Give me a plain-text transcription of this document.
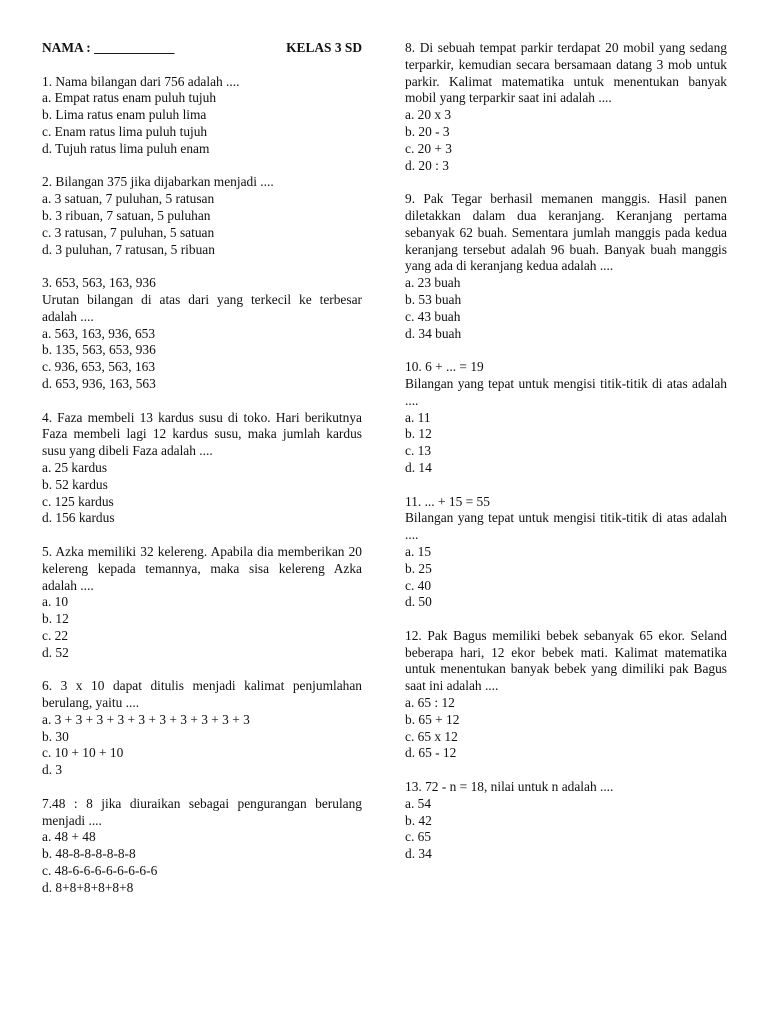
NAMA : ____________	KELAS 3 SD
1. Nama bilangan dari 756 adalah ....
a. Empat ratus enam puluh tujuh
b. Lima ratus enam puluh lima
c. Enam ratus lima puluh tujuh
d. Tujuh ratus lima puluh enam
2. Bilangan 375 jika dijabarkan menjadi ....
a. 3 satuan, 7 puluhan, 5 ratusan
b. 3 ribuan, 7 satuan, 5 puluhan
c. 3 ratusan, 7 puluhan, 5 satuan
d. 3 puluhan, 7 ratusan, 5 ribuan
3. 653, 563, 163, 936
Urutan bilangan di atas dari yang terkecil ke terbesar adalah ....
a. 563, 163, 936, 653
b. 135, 563, 653, 936
c. 936, 653, 563, 163
d. 653, 936, 163, 563
4. Faza membeli 13 kardus susu di toko. Hari berikutnya Faza membeli lagi 12 kardus susu, maka jumlah kardus susu yang dibeli Faza adalah ....
a. 25 kardus
b. 52 kardus
c. 125 kardus
d. 156 kardus
5. Azka memiliki 32 kelereng. Apabila dia memberikan 20 kelereng kepada temannya, maka sisa kelereng Azka adalah ....
a. 10
b. 12
c. 22
d. 52
6. 3 x 10 dapat ditulis menjadi kalimat penjumlahan berulang, yaitu ....
a. 3 + 3 + 3 + 3 + 3 + 3 + 3 + 3 + 3 + 3
b. 30
c. 10 + 10 + 10
d. 3
7.48 : 8 jika diuraikan sebagai pengurangan berulang menjadi ....
a. 48 + 48
b. 48-8-8-8-8-8-8
c. 48-6-6-6-6-6-6-6-6
d. 8+8+8+8+8+8
8. Di sebuah tempat parkir terdapat 20 mobil yang sedang terparkir, kemudian secara bersamaan datang 3 mob untuk parkir. Kalimat matematika untuk menentukan banyak mobil yang terparkir saat ini adalah ....
a. 20 x 3
b. 20 - 3
c. 20 + 3
d. 20 : 3
9. Pak Tegar berhasil memanen manggis. Hasil panen diletakkan dalam dua keranjang. Keranjang pertama sebanyak 62 buah. Sementara jumlah manggis pada kedua keranjang tersebut adalah 96 buah. Banyak buah manggis yang ada di keranjang kedua adalah ....
a. 23 buah
b. 53 buah
c. 43 buah
d. 34 buah
10. 6 + ... = 19
Bilangan yang tepat untuk mengisi titik-titik di atas adalah ....
a. 11
b. 12
c. 13
d. 14
11. ... + 15 = 55
Bilangan yang tepat untuk mengisi titik-titik di atas adalah ....
a. 15
b. 25
c. 40
d. 50
12. Pak Bagus memiliki bebek sebanyak 65 ekor. Seland beberapa hari, 12 ekor bebek mati. Kalimat matematika untuk menentukan banyak bebek yang dimiliki pak Bagus saat ini adalah ....
a. 65 : 12
b. 65 + 12
c. 65 x 12
d. 65 - 12
13. 72 - n = 18, nilai untuk n adalah ....
a. 54
b. 42
c. 65
d. 34
